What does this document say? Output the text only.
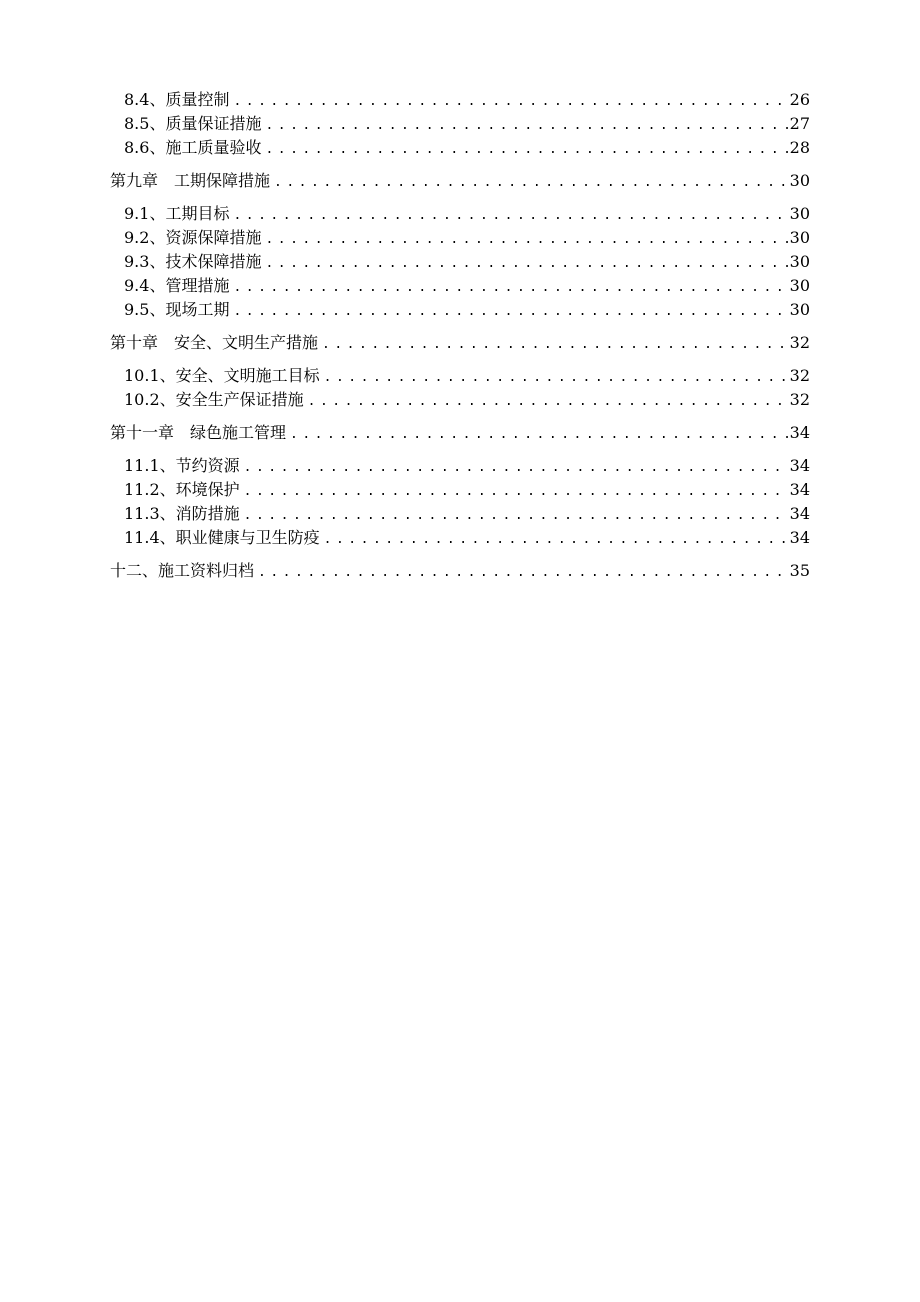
8.4、质量控制 .....	26
8.5、质量保证措施 .....	27
8.6、施工质量验收 .....	28
第九章　工期保障措施 .....	30
9.1、工期目标 .....	30
9.2、资源保障措施 .....	30
9.3、技术保障措施 .....	30
9.4、管理措施 .....	30
9.5、现场工期 .....	30
第十章　安全、文明生产措施 .....	32
10.1、安全、文明施工目标 .....	32
10.2、安全生产保证措施 .....	32
第十一章　绿色施工管理 .....	34
11.1、节约资源 .....	34
11.2、环境保护 .....	34
11.3、消防措施 .....	34
11.4、职业健康与卫生防疫 .....	34
十二、施工资料归档 .....	35
